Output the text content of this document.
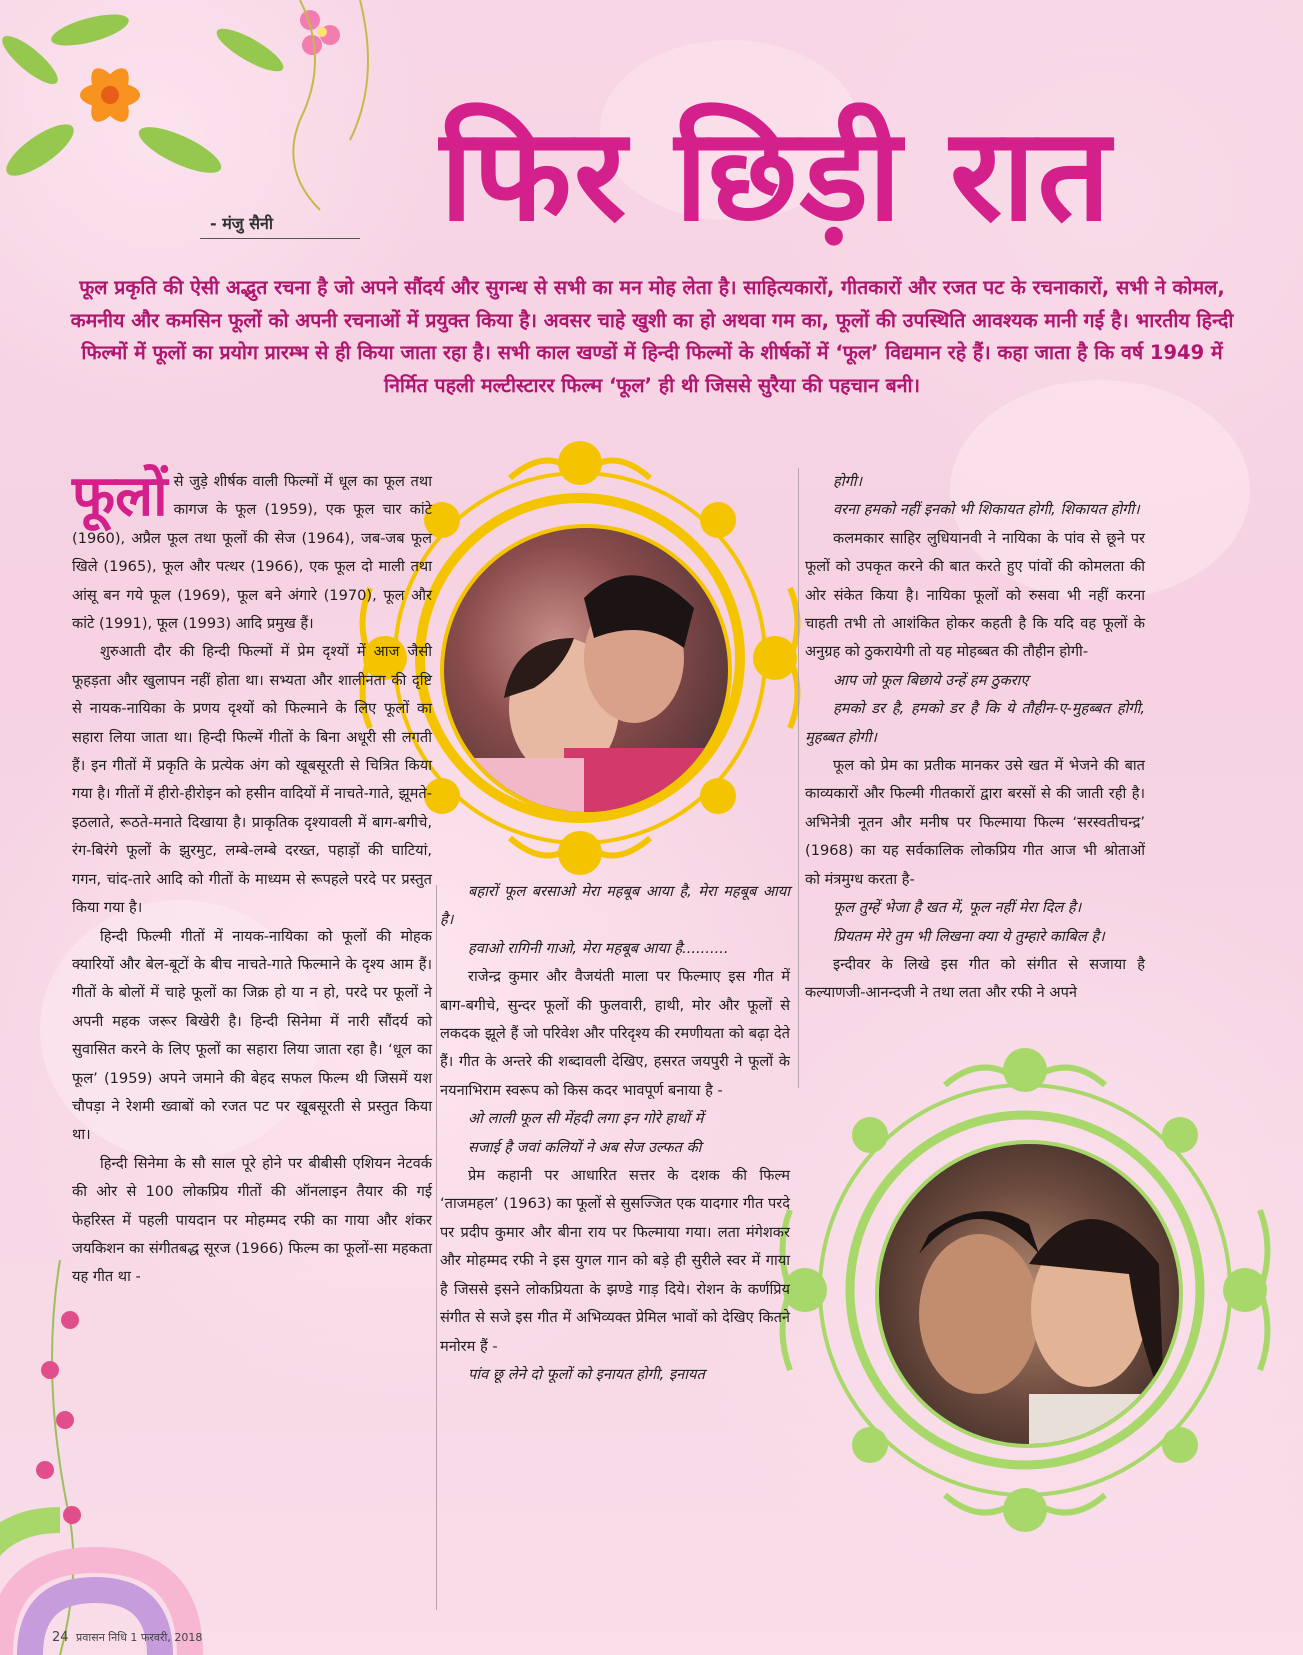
फिर छिड़ी रात
- मंजु सैनी
फूल प्रकृति की ऐसी अद्भुत रचना है जो अपने सौंदर्य और सुगन्ध से सभी का मन मोह लेता है। साहित्यकारों, गीतकारों और रजत पट के रचनाकारों, सभी ने कोमल, कमनीय और कमसिन फूलों को अपनी रचनाओं में प्रयुक्त किया है। अवसर चाहे खुशी का हो अथवा गम का, फूलों की उपस्थिति आवश्यक मानी गई है। भारतीय हिन्दी फिल्मों में फूलों का प्रयोग प्रारम्भ से ही किया जाता रहा है। सभी काल खण्डों में हिन्दी फिल्मों के शीर्षकों में ‘फूल’ विद्यमान रहे हैं। कहा जाता है कि वर्ष 1949 में निर्मित पहली मल्टीस्टारर फिल्म ‘फूल’ ही थी जिससे सुरैया की पहचान बनी।

फूलों से जुड़े शीर्षक वाली फिल्मों में धूल का फूल तथा कागज के फूल (1959), एक फूल चार कांटे (1960), अप्रैल फूल तथा फूलों की सेज (1964), जब-जब फूल खिले (1965), फूल और पत्थर (1966), एक फूल दो माली तथा आंसू बन गये फूल (1969), फूल बने अंगारे (1970), फूल और कांटे (1991), फूल (1993) आदि प्रमुख हैं।

शुरुआती दौर की हिन्दी फिल्मों में प्रेम दृश्यों में आज जैसी फूहड़ता और खुलापन नहीं होता था। सभ्यता और शालीनता की दृष्टि से नायक-नायिका के प्रणय दृश्यों को फिल्माने के लिए फूलों का सहारा लिया जाता था। हिन्दी फिल्में गीतों के बिना अधूरी सी लगती हैं। इन गीतों में प्रकृति के प्रत्येक अंग को खूबसूरती से चित्रित किया गया है। गीतों में हीरो-हीरोइन को हसीन वादियों में नाचते-गाते, झूमते-इठलाते, रूठते-मनाते दिखाया है। प्राकृतिक दृश्यावली में बाग-बगीचे, रंग-बिरंगे फूलों के झुरमुट, लम्बे-लम्बे दरख्त, पहाड़ों की घाटियां, गगन, चांद-तारे आदि को गीतों के माध्यम से रूपहले परदे पर प्रस्तुत किया गया है।

हिन्दी फिल्मी गीतों में नायक-नायिका को फूलों की मोहक क्यारियों और बेल-बूटों के बीच नाचते-गाते फिल्माने के दृश्य आम हैं। गीतों के बोलों में चाहे फूलों का जिक्र हो या न हो, परदे पर फूलों ने अपनी महक जरूर बिखेरी है। हिन्दी सिनेमा में नारी सौंदर्य को सुवासित करने के लिए फूलों का सहारा लिया जाता रहा है। ‘धूल का फूल’ (1959) अपने जमाने की बेहद सफल फिल्म थी जिसमें यश चौपड़ा ने रेशमी ख्वाबों को रजत पट पर खूबसूरती से प्रस्तुत किया था।

हिन्दी सिनेमा के सौ साल पूरे होने पर बीबीसी एशियन नेटवर्क की ओर से 100 लोकप्रिय गीतों की ऑनलाइन तैयार की गई फेहरिस्त में पहली पायदान पर मोहम्मद रफी का गाया और शंकर जयकिशन का संगीतबद्ध सूरज (1966) फिल्म का फूलों-सा महकता यह गीत था -

बहारों फूल बरसाओ मेरा महबूब आया है, मेरा महबूब आया है।

हवाओ रागिनी गाओ, मेरा महबूब आया है..........

राजेन्द्र कुमार और वैजयंती माला पर फिल्माए इस गीत में बाग-बगीचे, सुन्दर फूलों की फुलवारी, हाथी, मोर और फूलों से लकदक झूले हैं जो परिवेश और परिदृश्य की रमणीयता को बढ़ा देते हैं। गीत के अन्तरे की शब्दावली देखिए, हसरत जयपुरी ने फूलों के नयनाभिराम स्वरूप को किस कदर भावपूर्ण बनाया है -

ओ लाली फूल सी मेंहदी लगा इन गोरे हाथों में

सजाई है जवां कलियों ने अब सेज उल्फत की

प्रेम कहानी पर आधारित सत्तर के दशक की फिल्म ‘ताजमहल’ (1963) का फूलों से सुसज्जित एक यादगार गीत परदे पर प्रदीप कुमार और बीना राय पर फिल्माया गया। लता मंगेशकर और मोहम्मद रफी ने इस युगल गान को बड़े ही सुरीले स्वर में गाया है जिससे इसने लोकप्रियता के झण्डे गाड़ दिये। रोशन के कर्णप्रिय संगीत से सजे इस गीत में अभिव्यक्त प्रेमिल भावों को देखिए कितने मनोरम हैं -

पांव छू लेने दो फूलों को इनायत होगी, इनायत

होगी।

वरना हमको नहीं इनको भी शिकायत होगी, शिकायत होगी।

कलमकार साहिर लुधियानवी ने नायिका के पांव से छूने पर फूलों को उपकृत करने की बात करते हुए पांवों की कोमलता की ओर संकेत किया है। नायिका फूलों को रुसवा भी नहीं करना चाहती तभी तो आशंकित होकर कहती है कि यदि वह फूलों के अनुग्रह को ठुकरायेगी तो यह मोहब्बत की तौहीन होगी-

आप जो फूल बिछाये उन्हें हम ठुकराए

हमको डर है, हमको डर है कि ये तौहीन-ए-मुहब्बत होगी, मुहब्बत होगी।

फूल को प्रेम का प्रतीक मानकर उसे खत में भेजने की बात काव्यकारों और फिल्मी गीतकारों द्वारा बरसों से की जाती रही है। अभिनेत्री नूतन और मनीष पर फिल्माया फिल्म ‘सरस्वतीचन्द्र’ (1968) का यह सर्वकालिक लोकप्रिय गीत आज भी श्रोताओं को मंत्रमुग्ध करता है-

फूल तुम्हें भेजा है खत में, फूल नहीं मेरा दिल है।

प्रियतम मेरे तुम भी लिखना क्या ये तुम्हारे काबिल है।

इन्दीवर के लिखे इस गीत को संगीत से सजाया है कल्याणजी-आनन्दजी ने तथा लता और रफी ने अपने

24 प्रवासन निधि 1 फरवरी, 2018
